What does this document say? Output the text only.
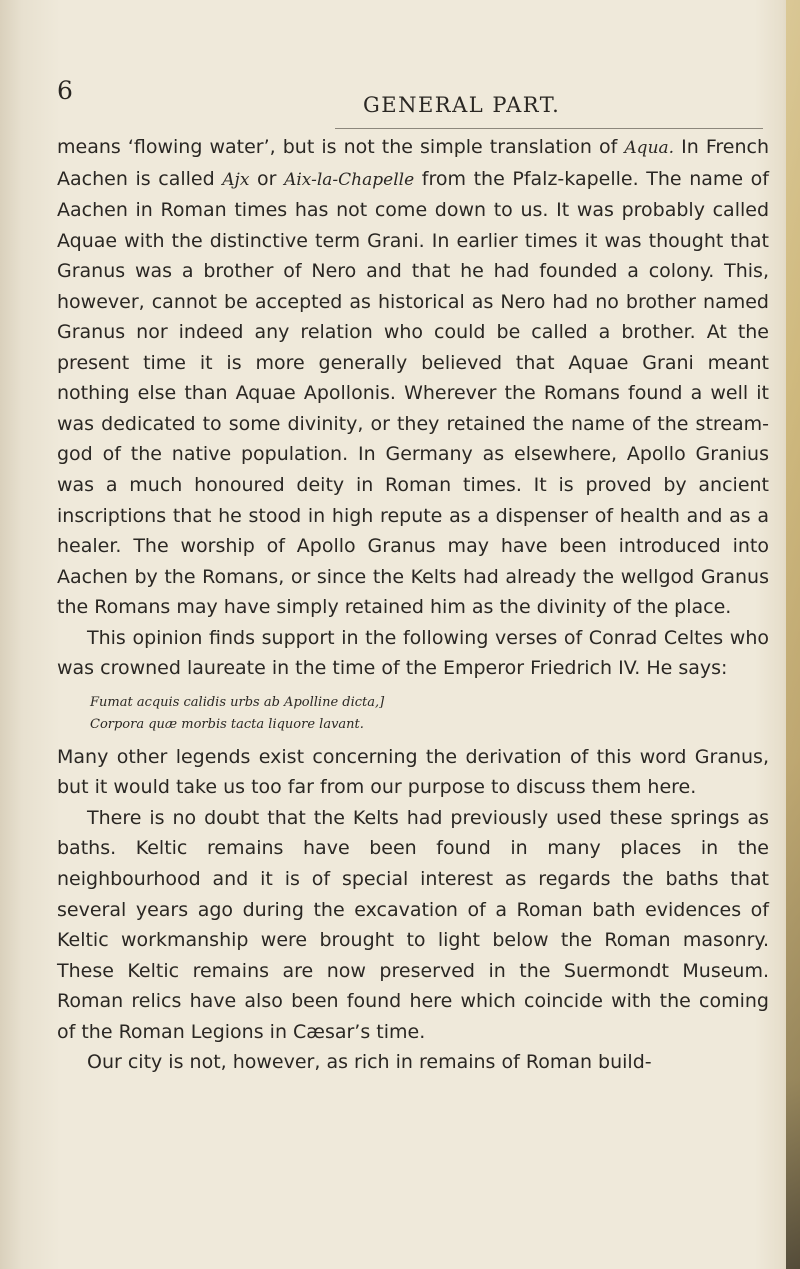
6	GENERAL PART.

means ‘flowing water’, but is not the simple translation of Aqua. In French Aachen is called Ajx or Aix-la-Chapelle from the Pfalz-kapelle. The name of Aachen in Roman times has not come down to us. It was probably called Aquae with the distinctive term Grani. In earlier times it was thought that Granus was a brother of Nero and that he had founded a colony. This, however, cannot be accepted as historical as Nero had no brother named Granus nor indeed any relation who could be called a brother. At the present time it is more generally believed that Aquae Grani meant nothing else than Aquae Apollonis. Wherever the Romans found a well it was dedicated to some divinity, or they retained the name of the stream-god of the native population. In Germany as elsewhere, Apollo Granius was a much honoured deity in Roman times. It is proved by ancient inscriptions that he stood in high repute as a dispenser of health and as a healer. The worship of Apollo Granus may have been introduced into Aachen by the Romans, or since the Kelts had already the wellgod Granus the Romans may have simply retained him as the divinity of the place.

This opinion finds support in the following verses of Conrad Celtes who was crowned laureate in the time of the Emperor Friedrich IV. He says:

Fumat acquis calidis urbs ab Apolline dicta,]
Corpora quæ morbis tacta liquore lavant.

Many other legends exist concerning the derivation of this word Granus, but it would take us too far from our purpose to discuss them here.

There is no doubt that the Kelts had previously used these springs as baths. Keltic remains have been found in many places in the neighbourhood and it is of special interest as regards the baths that several years ago during the excavation of a Roman bath evidences of Keltic workmanship were brought to light below the Roman masonry. These Keltic remains are now preserved in the Suermondt Museum. Roman relics have also been found here which coincide with the coming of the Roman Legions in Cæsar’s time.

Our city is not, however, as rich in remains of Roman build-
